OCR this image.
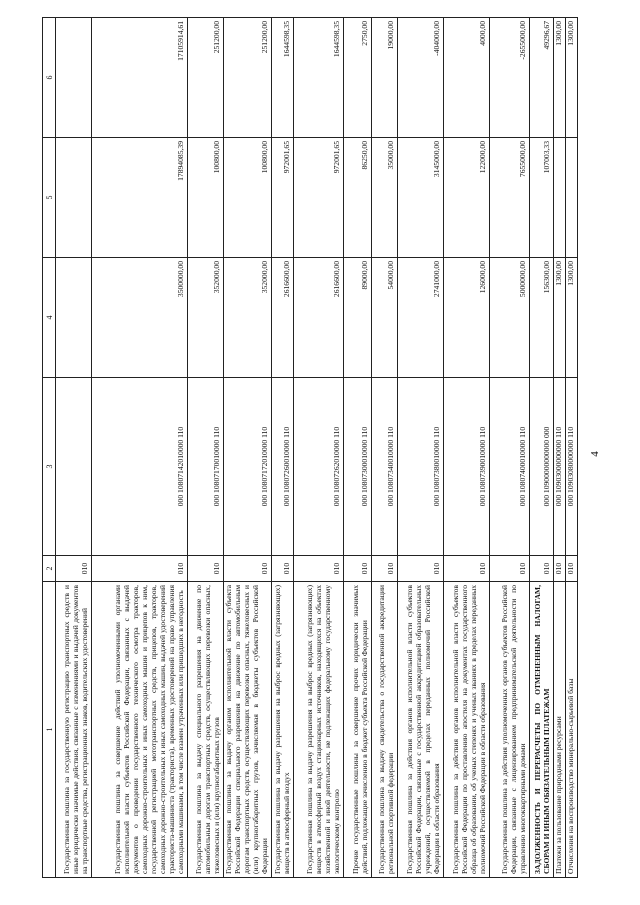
4
1	2	3	4	5	6
Государственная пошлина за государственную регистрацию транспортных средств и иные юридически значимые действия, связанные с изменениями и выдачей документов на транспортные средства, регистрационных знаков, водительских удостоверений	010				
Государственная пошлина за совершение действий уполномоченными органами исполнительной власти субъектов Российской Федерации, связанных с выдачей документов о проведении государственного технического осмотра тракторов, самоходных дорожно-строительных и иных самоходных машин и прицепов к ним, государственной регистрацией мототранспортных средств, прицепов, тракторов, самоходных дорожно-строительных и иных самоходных машин, выдачей удостоверений тракториста-машиниста (тракториста), временных удостоверений на право управления самоходными машинами, в том числе взамен утраченных или пришедших в негодность	010	000 10807142010000 110	3500000,00	17894085,39	17105914,61
Государственная пошлина за выдачу специального разрешения на движение по автомобильным дорогам транспортных средств, осуществляющих перевозки опасных, тяжеловесных и (или) крупногабаритных грузов	010	000 10807170010000 110	352000,00	100800,00	251200,00
Государственная пошлина за выдачу органом исполнительной власти субъекта Российской Федерации специального разрешения на движение по автомобильным дорогам транспортных средств, осуществляющих перевозки опасных, тяжеловесных и (или) крупногабаритных грузов, зачисляемая в бюджеты субъектов Российской Федерации	010	000 10807172010000 110	352000,00	100800,00	251200,00
Государственная пошлина за выдачу разрешения на выброс вредных (загрязняющих) веществ в атмосферный воздух	010	000 10807260010000 110	2616600,00	972001,65	1644598,35
Государственная пошлина за выдачу разрешения на выброс вредных (загрязняющих) веществ в атмосферный воздух стационарных источников, находящихся на объектах хозяйственной и иной деятельности, не подлежащих федеральному государственному экологическому контролю	010	000 10807262010000 110	2616600,00	972001,65	1644598,35
Прочие государственные пошлины за совершение прочих юридически значимых действий, подлежащие зачислению в бюджет субъекта Российской Федерации	010	000 10807300010000 110	89000,00	86250,00	2750,00
Государственная пошлина за выдачу свидетельства о государственной аккредитации региональной спортивной федерации	010	000 10807340010000 110	54000,00	35000,00	19000,00
Государственная пошлина за действия органов исполнительной власти субъектов Российской Федерации, связанные с государственной аккредитацией образовательных учреждений, осуществляемой в пределах переданных полномочий Российской Федерации в области образования	010	000 10807380010000 110	2741000,00	3145000,00	-404000,00
Государственная пошлина за действия органов исполнительной власти субъектов Российской Федерации по проставлению апостиля на документах государственного образца об образовании, об ученых степенях и ученых званиях в пределах переданных полномочий Российской Федерации в области образования	010	000 10807390010000 110	126000,00	122000,00	4000,00
Государственная пошлина за действия уполномоченных органов субъектов Российской Федерации, связанные с лицензированием предпринимательской деятельности по управлению многоквартирными домами	010	000 10807400010000 110	5000000,00	7655000,00	-2655000,00
ЗАДОЛЖЕННОСТЬ И ПЕРЕРАСЧЕТЫ ПО ОТМЕНЕННЫМ НАЛОГАМ, СБОРАМ И ИНЫМ ОБЯЗАТЕЛЬНЫМ ПЛАТЕЖАМ	010	000 10900000000000 000	156300,00	107003,33	49296,67
Платежи за пользование природными ресурсами	010	000 10903000000000 110	1300,00		1300,00
Отчисления на воспроизводство минерально-сырьевой базы	010	000 10903080000000 110	1300,00		1300,00
